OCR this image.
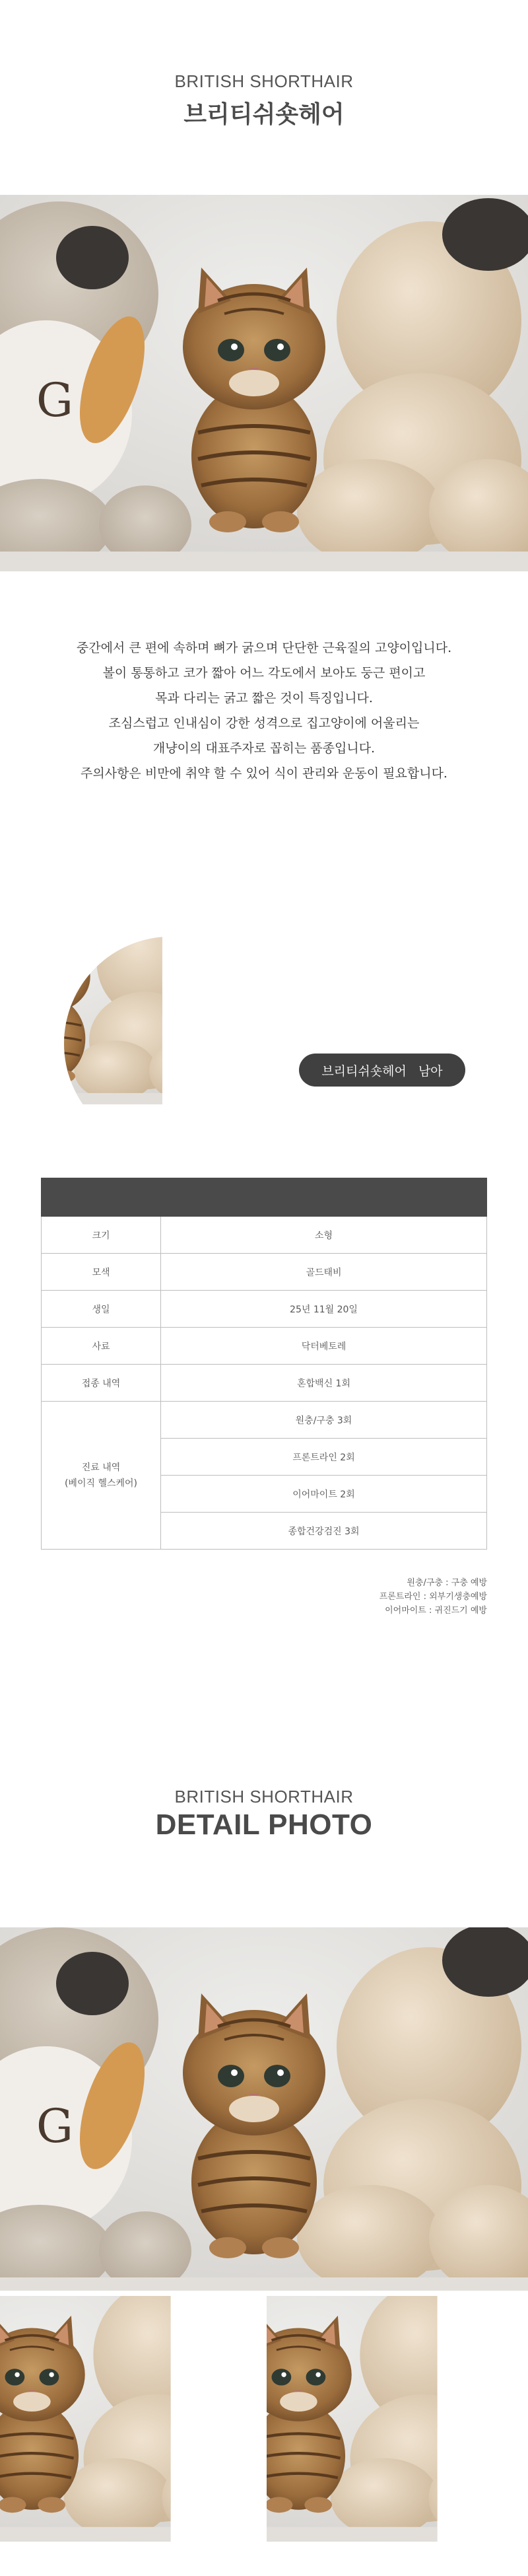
BRITISH SHORTHAIR
브리티쉬숏헤어

중간에서 큰 편에 속하며 뼈가 굵으며 단단한 근육질의 고양이입니다.

볼이 통통하고 코가 짧아 어느 각도에서 보아도 둥근 편이고

목과 다리는 굵고 짧은 것이 특징입니다.

조심스럽고 인내심이 강한 성격으로 집고양이에 어울리는

개냥이의 대표주자로 꼽히는 품종입니다.

주의사항은 비만에 취약 할 수 있어 식이 관리와 운동이 필요합니다.

브리티쉬숏헤어
남아

크기	소형
모색	골드태비
생일	25년 11월 20일
사료	닥터베토레
접종 내역	혼합백신 1회

진료 내역
(베이직 헬스케어)	원충/구충 3회
	프론트라인 2회
	이어마이트 2회
	종합건강검진 3회
원충/구충 : 구충 예방
프론트라인 : 외부기생충예방
이어마이트 : 귀진드기 예방
BRITISH SHORTHAIR
DETAIL PHOTO
